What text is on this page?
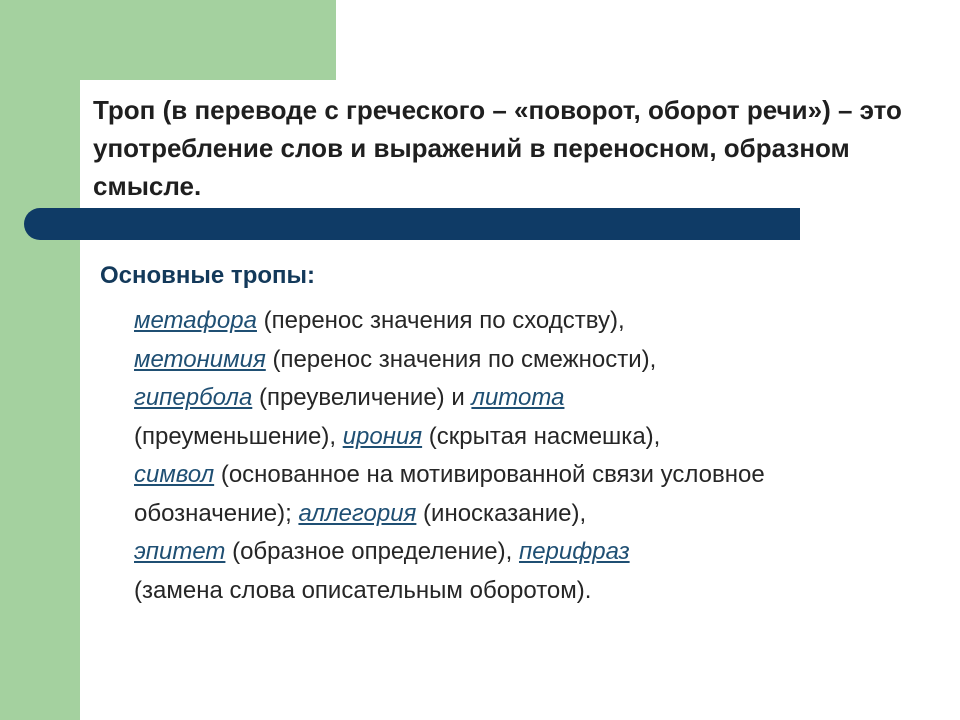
Троп (в переводе с греческого – «поворот, оборот речи») – это употребление слов и выражений в переносном, образном смысле.
Основные тропы:

метафора (перенос значения по сходству),
метонимия (перенос значения по смежности),
гипербола (преувеличение) и литота
(преуменьшение), ирония (скрытая насмешка),
символ (основанное на мотивированной связи условное обозначение); аллегория (иносказание),
эпитет (образное определение), перифраз
(замена слова описательным оборотом).
